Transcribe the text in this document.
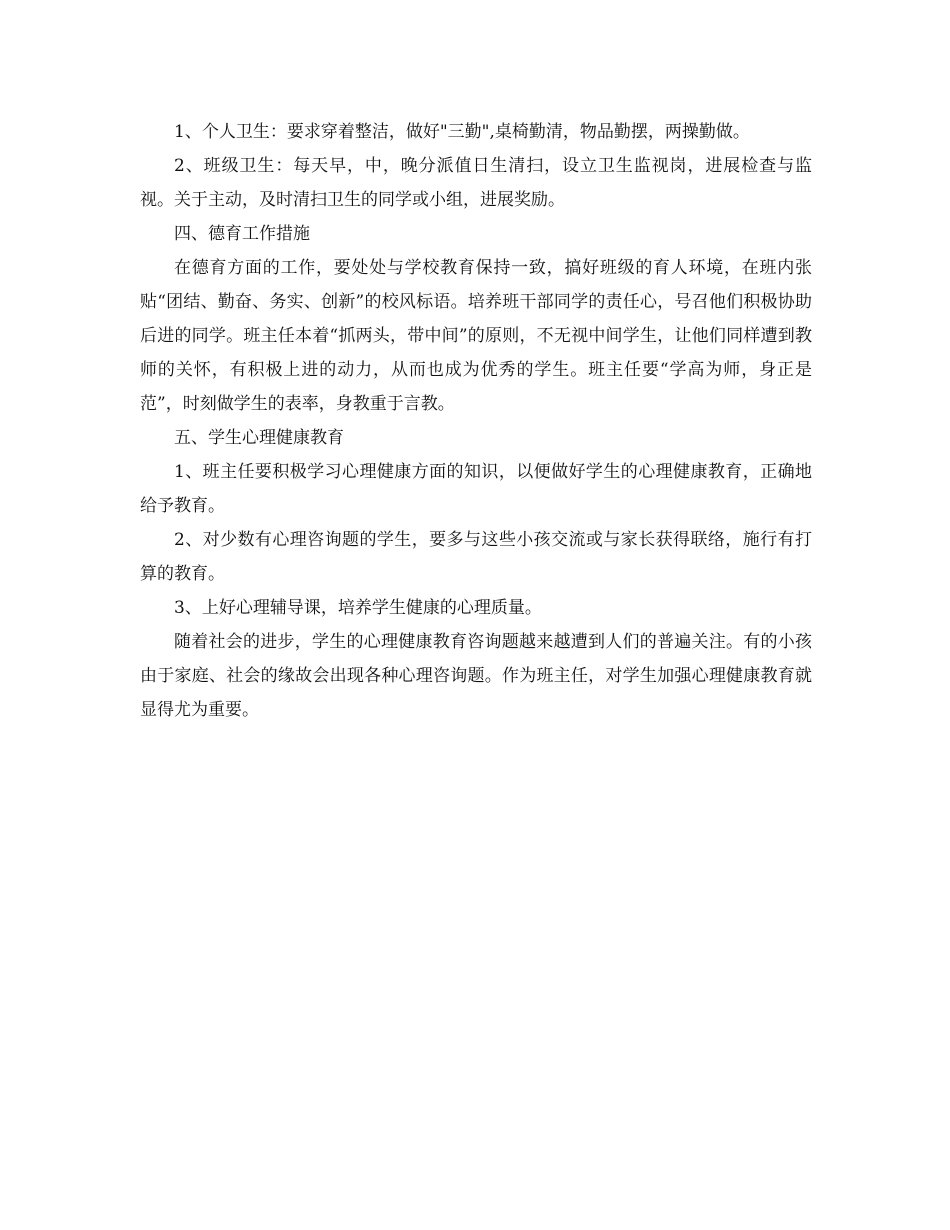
1、个人卫生：要求穿着整洁，做好"三勤",桌椅勤清，物品勤摆，两操勤做。

2、班级卫生：每天早，中，晚分派值日生清扫，设立卫生监视岗，进展检查与监视。关于主动，及时清扫卫生的同学或小组，进展奖励。

四、德育工作措施

在德育方面的工作，要处处与学校教育保持一致，搞好班级的育人环境，在班内张贴“团结、勤奋、务实、创新”的校风标语。培养班干部同学的责任心，号召他们积极协助后进的同学。班主任本着“抓两头，带中间”的原则，不无视中间学生，让他们同样遭到教师的关怀，有积极上进的动力，从而也成为优秀的学生。班主任要“学高为师，身正是范”，时刻做学生的表率，身教重于言教。

五、学生心理健康教育

1、班主任要积极学习心理健康方面的知识，以便做好学生的心理健康教育，正确地给予教育。

2、对少数有心理咨询题的学生，要多与这些小孩交流或与家长获得联络，施行有打算的教育。

3、上好心理辅导课，培养学生健康的心理质量。

随着社会的进步，学生的心理健康教育咨询题越来越遭到人们的普遍关注。有的小孩由于家庭、社会的缘故会出现各种心理咨询题。作为班主任，对学生加强心理健康教育就显得尤为重要。
